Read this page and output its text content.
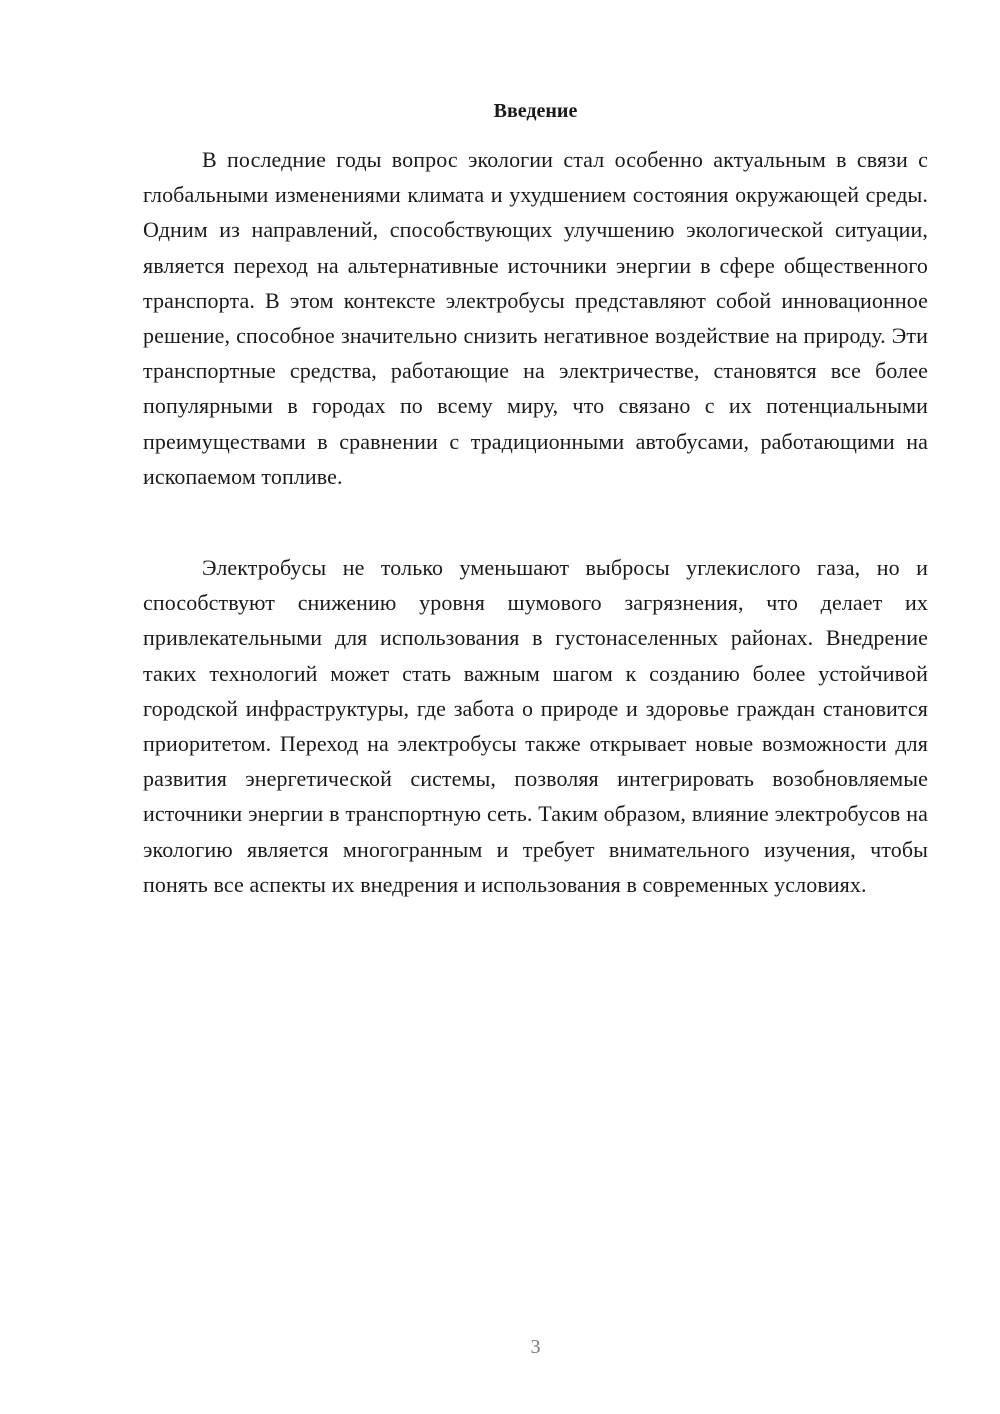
Введение

В последние годы вопрос экологии стал особенно актуальным в связи с глобальными изменениями климата и ухудшением состояния окружающей среды. Одним из направлений, способствующих улучшению экологической ситуации, является переход на альтернативные источники энергии в сфере общественного транспорта. В этом контексте электробусы представляют собой инновационное решение, способное значительно снизить негативное воздействие на природу. Эти транспортные средства, работающие на электричестве, становятся все более популярными в городах по всему миру, что связано с их потенциальными преимуществами в сравнении с традиционными автобусами, работающими на ископаемом топливе.

Электробусы не только уменьшают выбросы углекислого газа, но и способствуют снижению уровня шумового загрязнения, что делает их привлекательными для использования в густонаселенных районах. Внедрение таких технологий может стать важным шагом к созданию более устойчивой городской инфраструктуры, где забота о природе и здоровье граждан становится приоритетом. Переход на электробусы также открывает новые возможности для развития энергетической системы, позволяя интегрировать возобновляемые источники энергии в транспортную сеть. Таким образом, влияние электробусов на экологию является многогранным и требует внимательного изучения, чтобы понять все аспекты их внедрения и использования в современных условиях.

3
